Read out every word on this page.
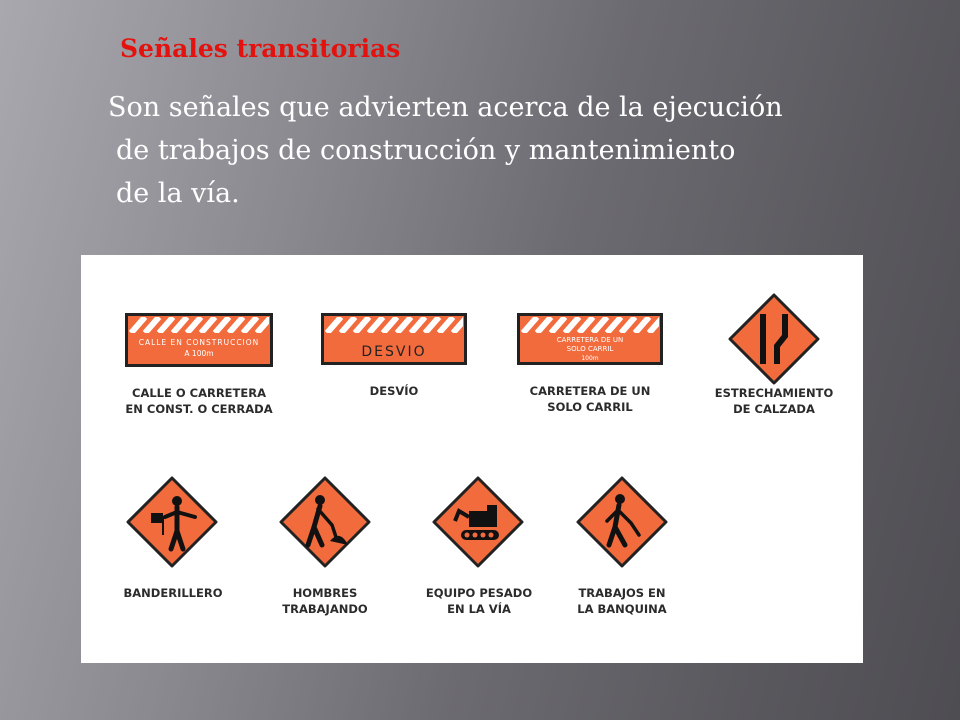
Señales transitorias

Son señales que advierten acerca de la ejecución
de trabajos de construcción y mantenimiento
de la vía.

CALLE EN CONSTRUCCION
A 100m
CALLE O CARRETERA
EN CONST. O CERRADA
DESVIO
DESVÍO
CARRETERA DE UN
SOLO CARRIL
100m
CARRETERA DE UN
SOLO CARRIL
ESTRECHAMIENTO
DE CALZADA
BANDERILLERO	HOMBRES
TRABAJANDO
EQUIPO PESADO
EN LA VÍA
TRABAJOS EN
LA BANQUINA
